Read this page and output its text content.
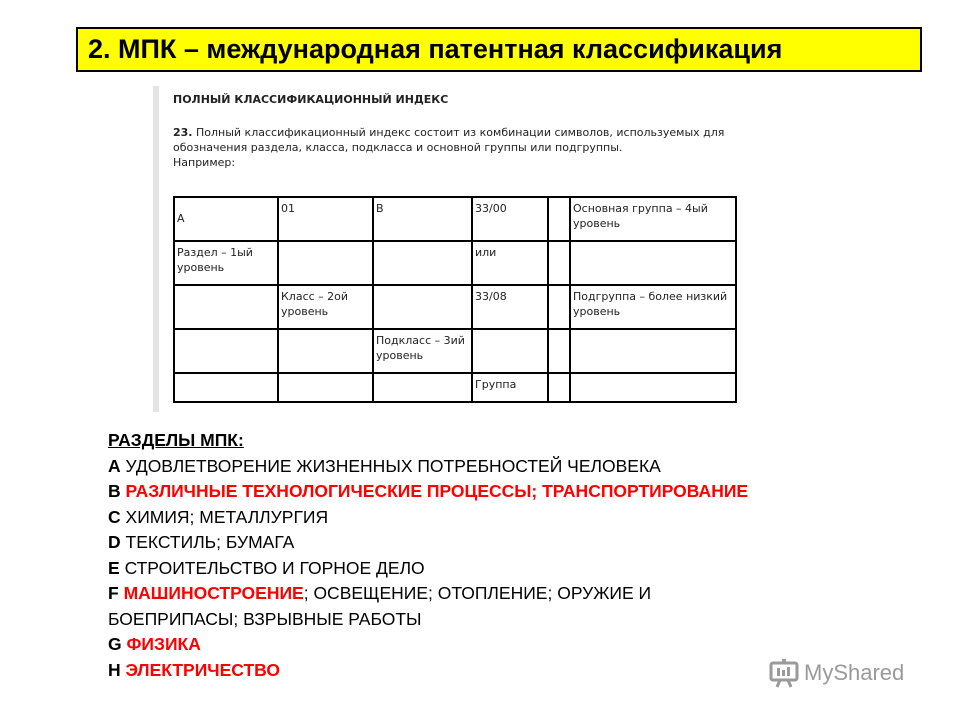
2. МПК – международная патентная классификация
ПОЛНЫЙ КЛАССИФИКАЦИОННЫЙ ИНДЕКС
23. Полный классификационный индекс состоит из комбинации символов, используемых для обозначения раздела, класса, подкласса и основной группы или подгруппы.
Например:
A	01	B	33/00		Основная группа – 4ый уровень
Раздел – 1ый уровень			или		
	Класс – 2ой уровень		33/08		Подгруппа – более низкий уровень
		Подкласс – 3ий уровень			
			Группа		
РАЗДЕЛЫ МПК:
A УДОВЛЕТВОРЕНИЕ ЖИЗНЕННЫХ ПОТРЕБНОСТЕЙ ЧЕЛОВЕКА
B РАЗЛИЧНЫЕ ТЕХНОЛОГИЧЕСКИЕ ПРОЦЕССЫ; ТРАНСПОРТИРОВАНИЕ
C ХИМИЯ; МЕТАЛЛУРГИЯ
D ТЕКСТИЛЬ; БУМАГА
E СТРОИТЕЛЬСТВО И ГОРНОЕ ДЕЛО
F МАШИНОСТРОЕНИЕ; ОСВЕЩЕНИЕ; ОТОПЛЕНИЕ; ОРУЖИЕ И
БОЕПРИПАСЫ; ВЗРЫВНЫЕ РАБОТЫ
G ФИЗИКА
H ЭЛЕКТРИЧЕСТВО	MyShared
